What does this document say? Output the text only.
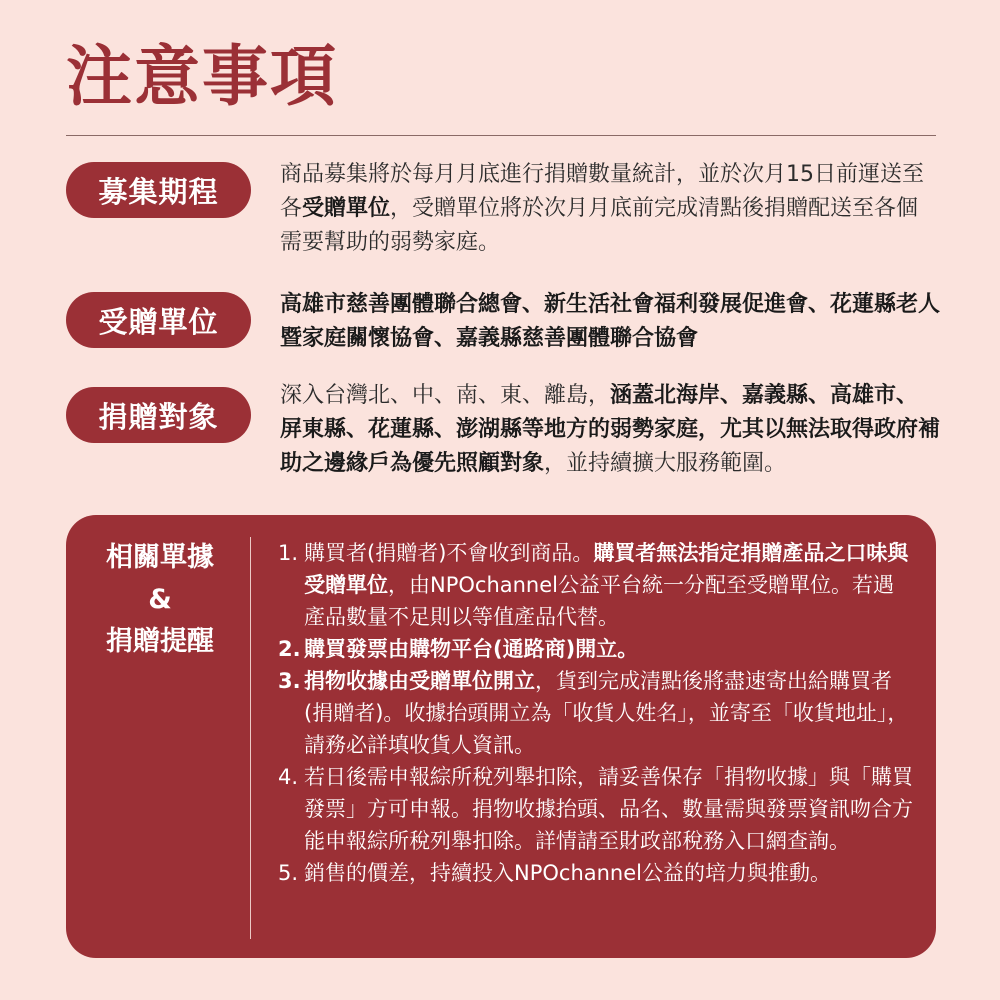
注意事項
募集期程	商品募集將於每月月底進行捐贈數量統計，並於次月15日前運送至各受贈單位，受贈單位將於次月月底前完成清點後捐贈配送至各個需要幫助的弱勢家庭。
受贈單位	高雄市慈善團體聯合總會、新生活社會福利發展促進會、花蓮縣老人暨家庭關懷協會、嘉義縣慈善團體聯合協會
捐贈對象
深入台灣北、中、南、東、離島，涵蓋北海岸、嘉義縣、高雄市、屏東縣、花蓮縣、澎湖縣等地方的弱勢家庭，尤其以無法取得政府補助之邊緣戶為優先照顧對象，並持續擴大服務範圍。
相關單據
&
捐贈提醒
1. 購買者(捐贈者)不會收到商品。購買者無法指定捐贈產品之口味與受贈單位，由NPOchannel公益平台統一分配至受贈單位。若遇產品數量不足則以等值產品代替。
2. 購買發票由購物平台(通路商)開立。
3. 捐物收據由受贈單位開立，貨到完成清點後將盡速寄出給購買者(捐贈者)。收據抬頭開立為「收貨人姓名」，並寄至「收貨地址」，請務必詳填收貨人資訊。
4. 若日後需申報綜所稅列舉扣除，請妥善保存「捐物收據」與「購買發票」方可申報。捐物收據抬頭、品名、數量需與發票資訊吻合方能申報綜所稅列舉扣除。詳情請至財政部稅務入口網查詢。
5. 銷售的價差，持續投入NPOchannel公益的培力與推動。
